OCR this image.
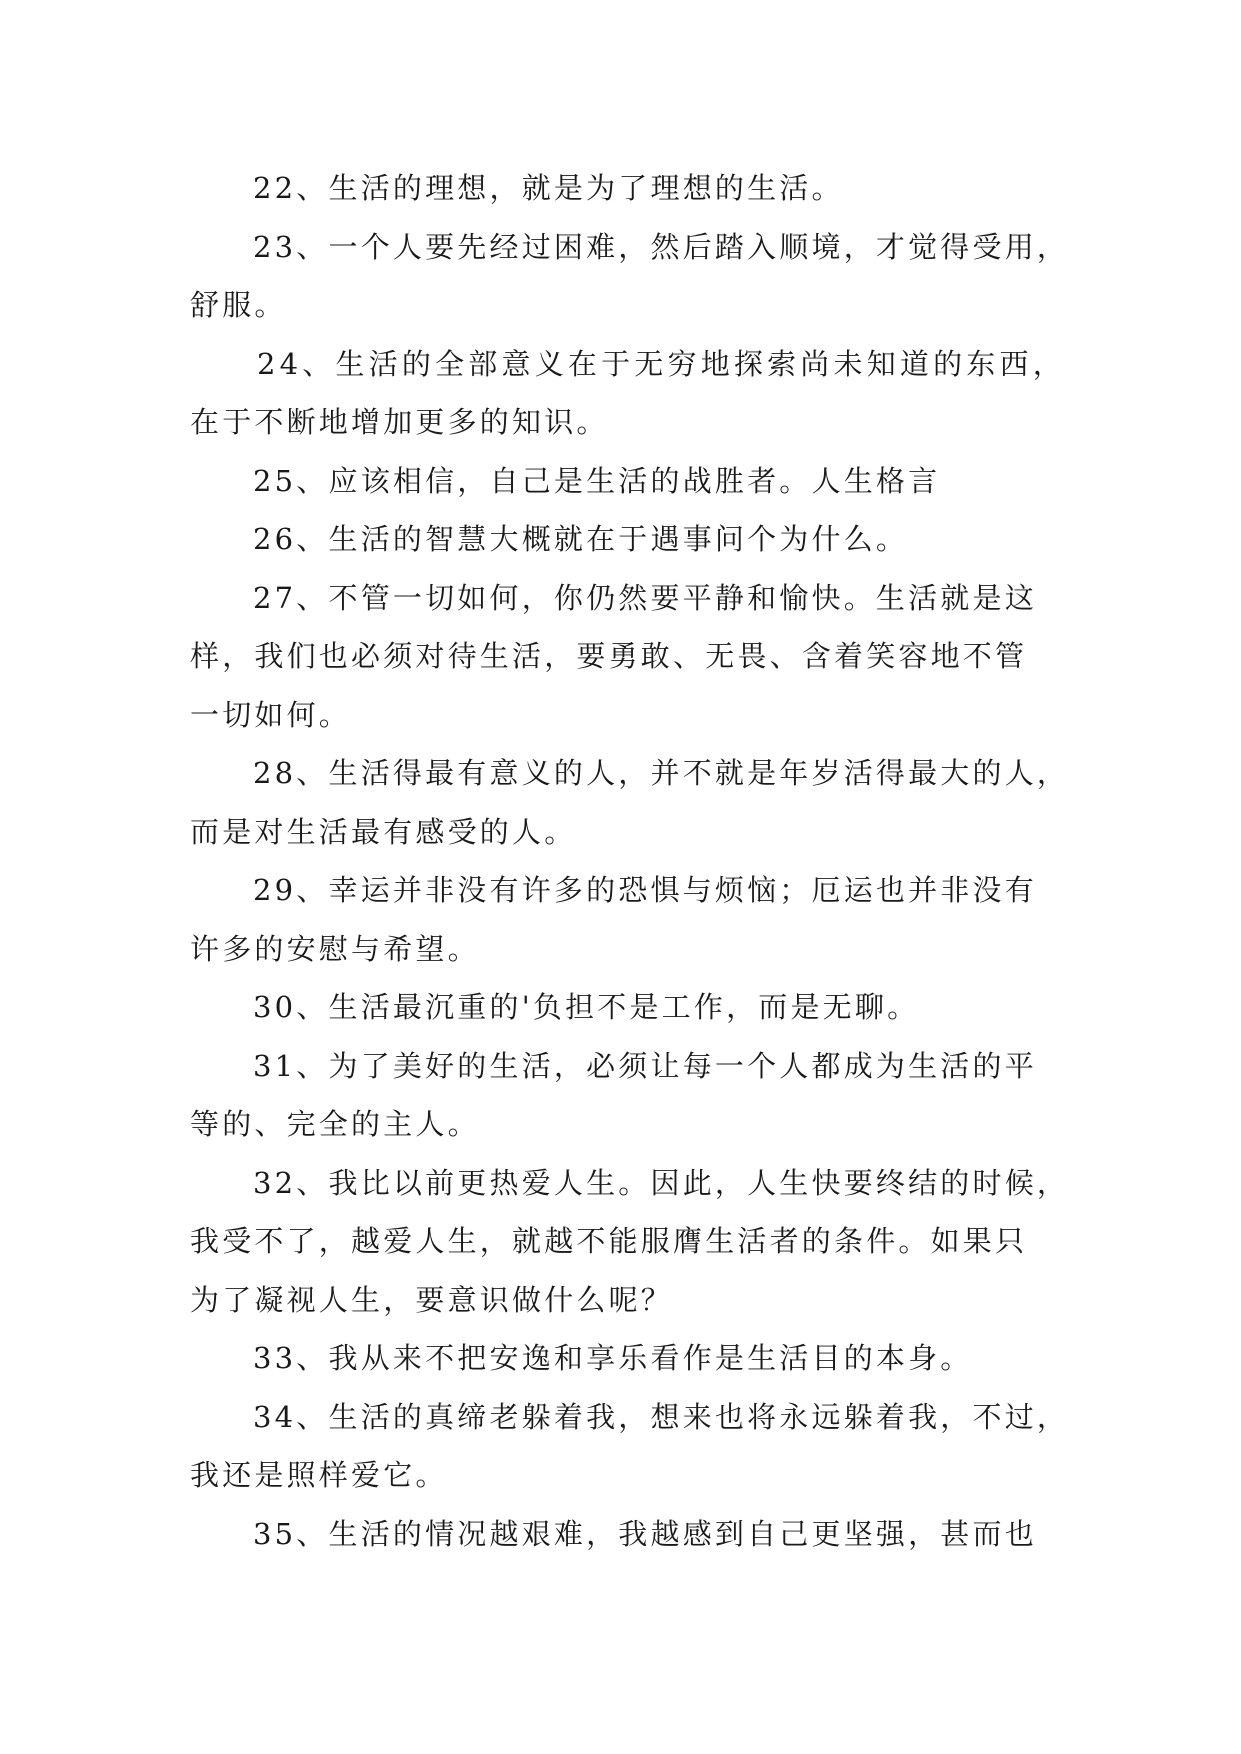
22、生活的理想，就是为了理想的生活。
23、一个人要先经过困难，然后踏入顺境，才觉得受用，
舒服。
24、生活的全部意义在于无穷地探索尚未知道的东西，
在于不断地增加更多的知识。
25、应该相信，自己是生活的战胜者。人生格言
26、生活的智慧大概就在于遇事问个为什么。
27、不管一切如何，你仍然要平静和愉快。生活就是这
样，我们也必须对待生活，要勇敢、无畏、含着笑容地不管
一切如何。
28、生活得最有意义的人，并不就是年岁活得最大的人，
而是对生活最有感受的人。
29、幸运并非没有许多的恐惧与烦恼；厄运也并非没有
许多的安慰与希望。
30、生活最沉重的'负担不是工作，而是无聊。
31、为了美好的生活，必须让每一个人都成为生活的平
等的、完全的主人。
32、我比以前更热爱人生。因此，人生快要终结的时候，
我受不了，越爱人生，就越不能服膺生活者的条件。如果只
为了凝视人生，要意识做什么呢？
33、我从来不把安逸和享乐看作是生活目的本身。
34、生活的真缔老躲着我，想来也将永远躲着我，不过，
我还是照样爱它。
35、生活的情况越艰难，我越感到自己更坚强，甚而也
